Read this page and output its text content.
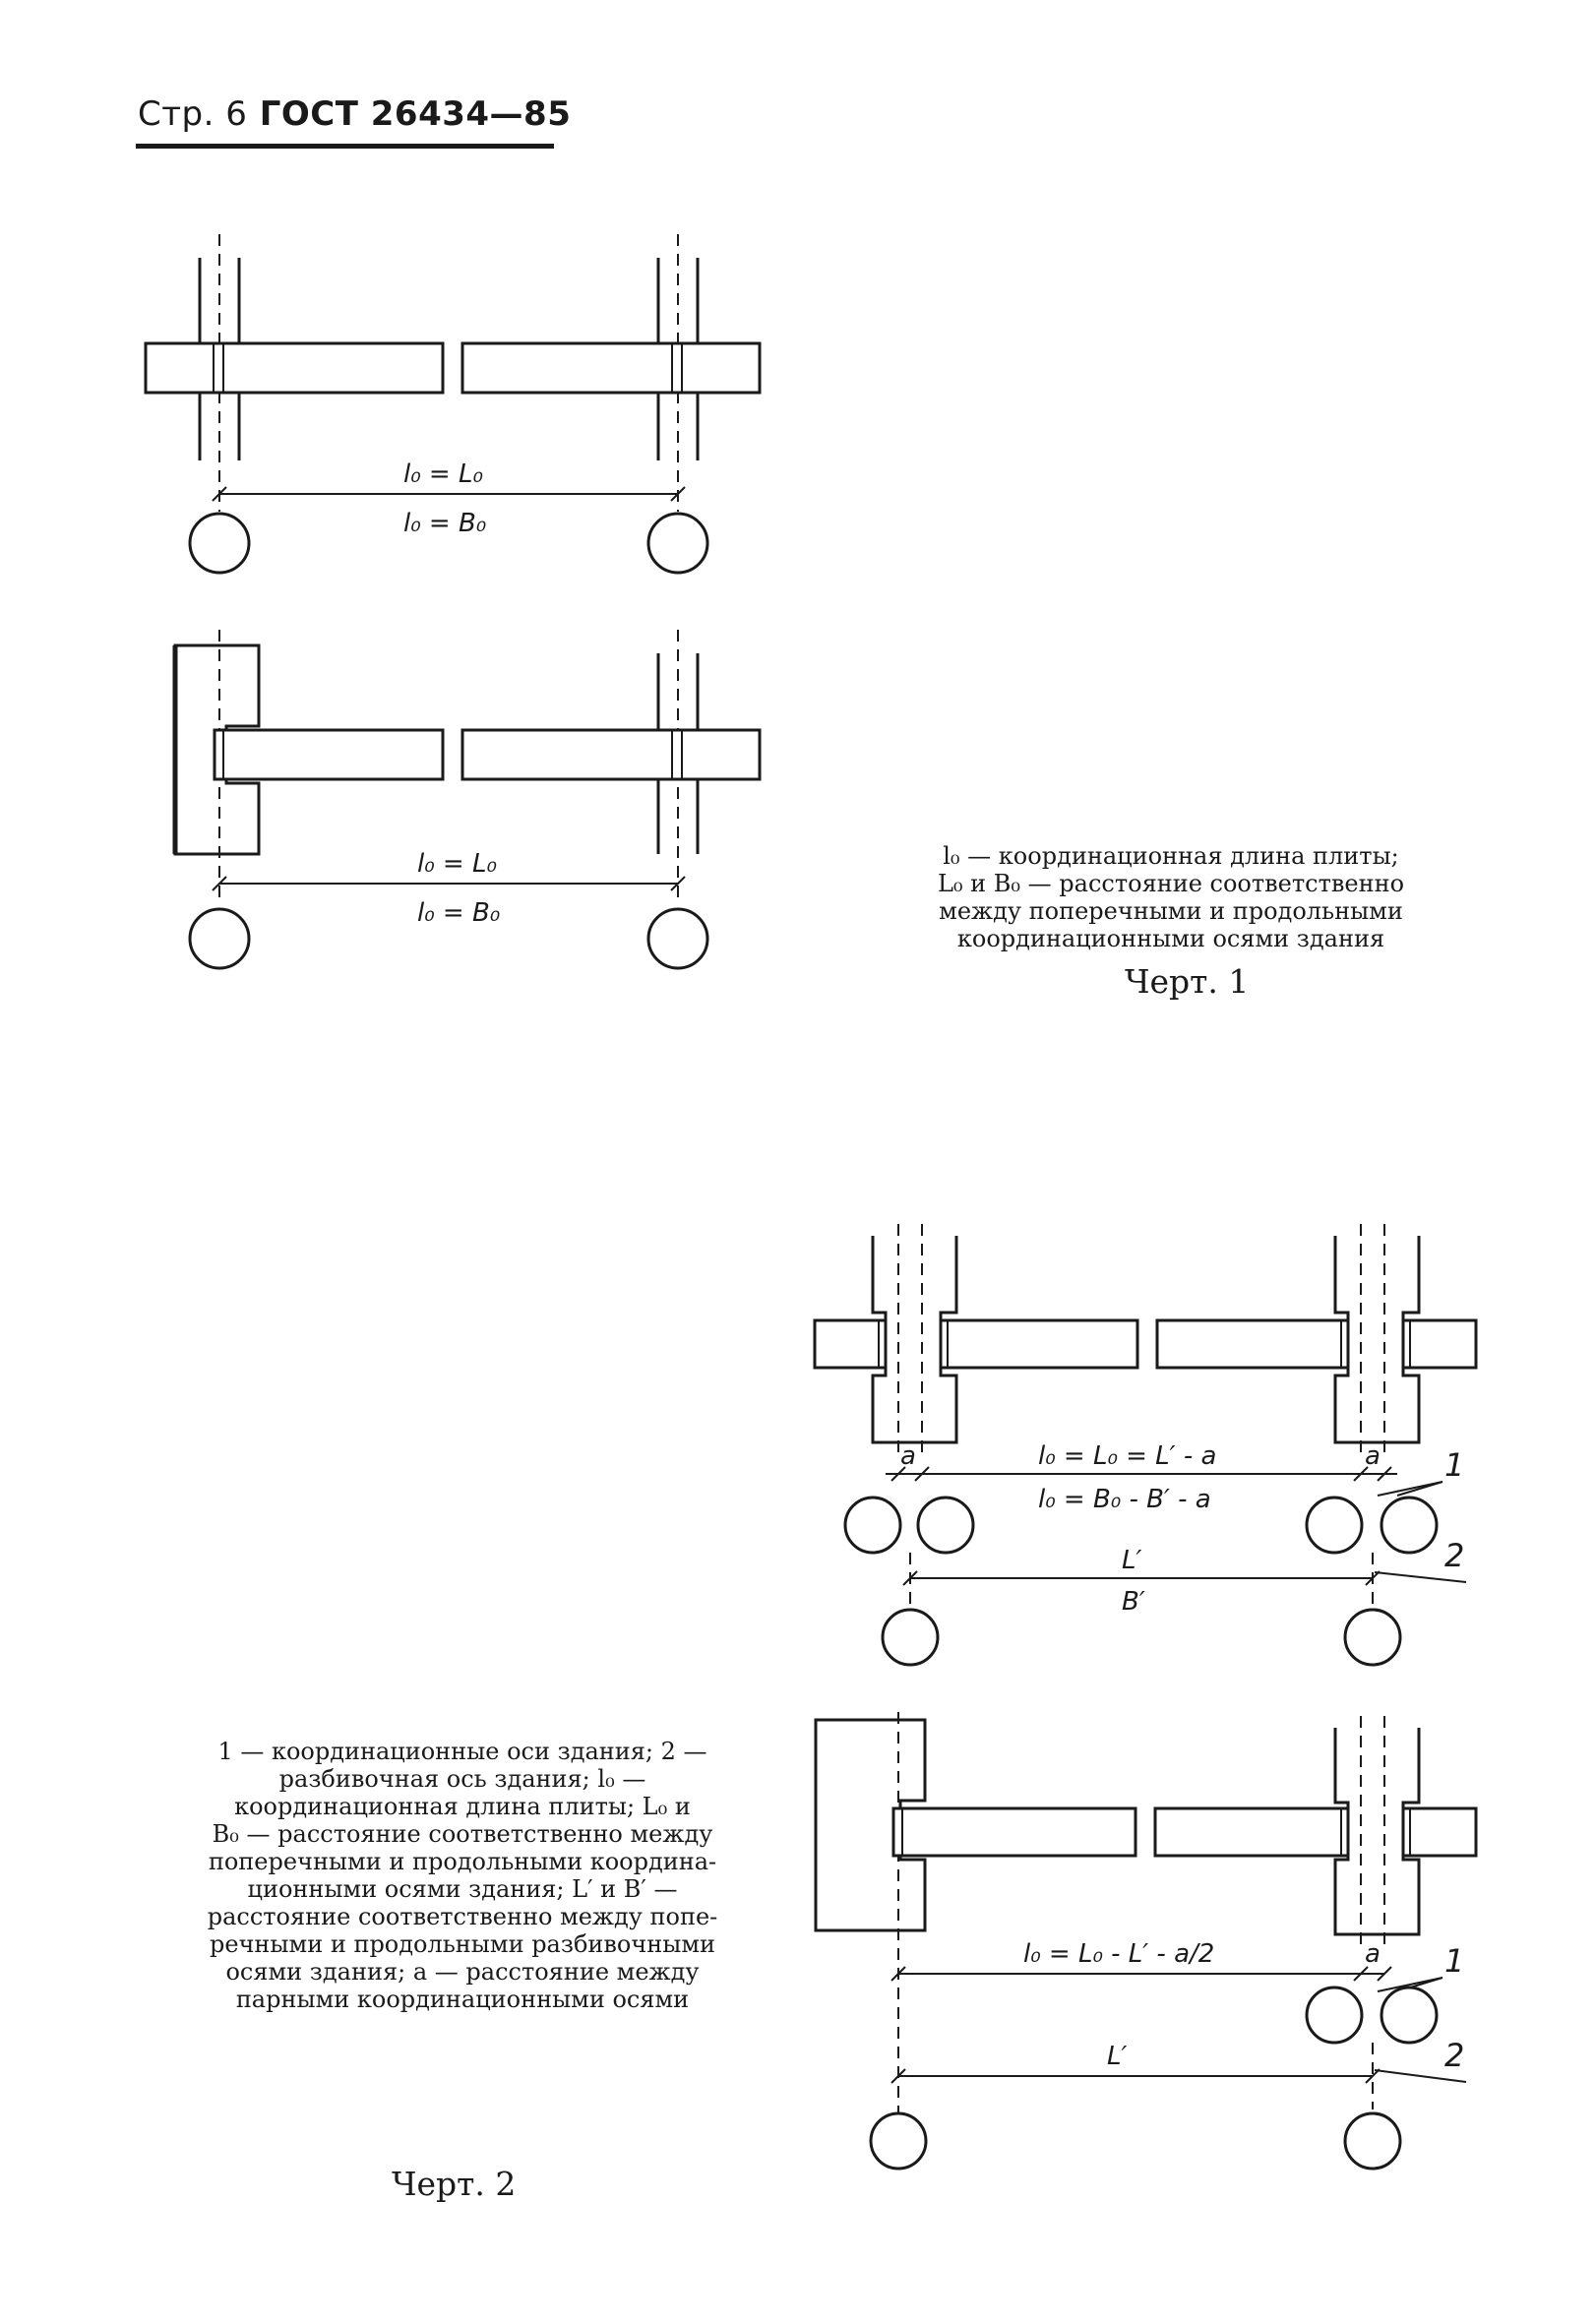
Стр. 6 ГОСТ 26434—85
l₀ = L₀
l₀ = B₀
l₀ = L₀
l₀ = B₀
a	l₀ = L₀ = L′ - a
l₀ = B₀ - B′ - a
a 1
2
L′
B′
l₀ = L₀ - L′ - a/2	a 1
2
L′
l₀ — координационная длина плиты;
L₀ и B₀ — расстояние соответственно
между поперечными и продольными
координационными осями здания
Черт. 1
1 — координационные оси здания; 2 —
разбивочная ось здания; l₀ —
координационная длина плиты; L₀ и
B₀ — расстояние соответственно между
поперечными и продольными координа-
ционными осями здания; L′ и B′ —
расстояние соответственно между попе-
речными и продольными разбивочными
осями здания; a — расстояние между
парными координационными осями
Черт. 2
